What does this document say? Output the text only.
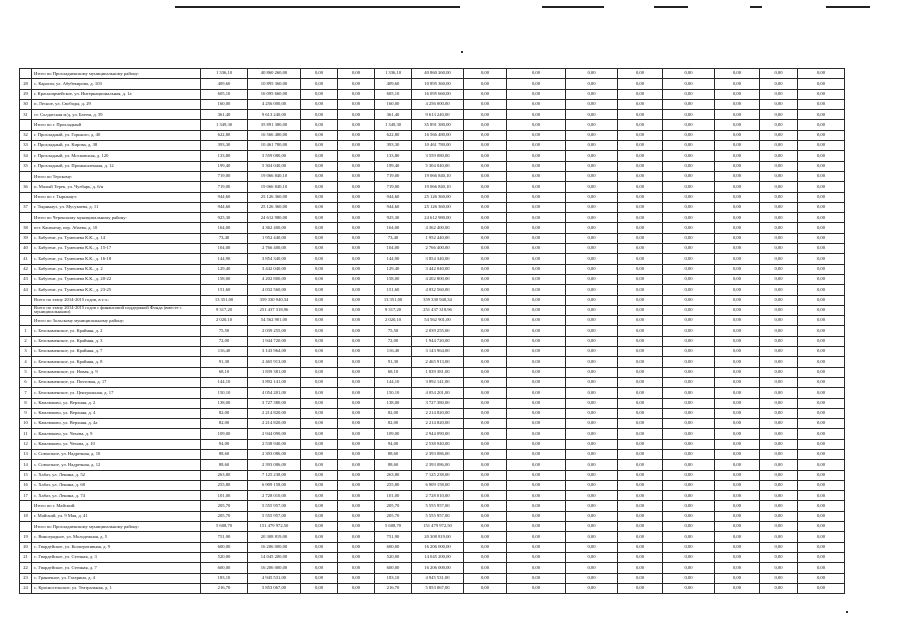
	Итого по Прохладненскому муниципальному району:	1 336,10	40 860 260,00	0,00	0,00	1 336,10	40 860 260,00	0,00	0,00	0,00	0,00	0,00	0,00	0,00	0,00
28	с. Карагач, ул. Абубекирова, д. 103	409,60	10 895 360,00	0,00	0,00	409,60	10 895 360,00	0,00	0,00	0,00	0,00	0,00	0,00	0,00	0,00
29	г. Красноармейское, ул. Интернациональная, д. 1а	605,10	16 095 660,00	0,00	0,00	605,10	16 095 660,00	0,00	0,00	0,00	0,00	0,00	0,00	0,00	0,00
30	п. Лесное, ул. Свободы, д. 29	160,00	4 256 000,00	0,00	0,00	160,00	4 256 000,00	0,00	0,00	0,00	0,00	0,00	0,00	0,00	0,00
31	ст. Солдатская м/д, ул. Батеш, д. 39	361,40	9 613 240,00	0,00	0,00	361,40	9 613 240,00	0,00	0,00	0,00	0,00	0,00	0,00	0,00	0,00
	Итого по г. Прохладный	1 349,30	35 891 380,00	0,00	0,00	1 349,30	35 891 380,00	0,00	0,00	0,00	0,00	0,00	0,00	0,00	0,00
32	г. Прохладный, ул. Горького, д. 40	622,80	16 566 480,00	0,00	0,00	622,80	16 566 480,00	0,00	0,00	0,00	0,00	0,00	0,00	0,00	0,00
33	г. Прохладный, ул. Кирова, д. 38	393,30	10 461 780,00	0,00	0,00	393,30	10 461 780,00	0,00	0,00	0,00	0,00	0,00	0,00	0,00	0,00
34	г. Прохладный, ул. Московская, д. 120	133,80	3 559 080,00	0,00	0,00	133,80	3 559 080,00	0,00	0,00	0,00	0,00	0,00	0,00	0,00	0,00
35	г. Прохладный, ул. Промышленная, д. 12	199,40	5 304 040,00	0,00	0,00	199,40	5 304 040,00	0,00	0,00	0,00	0,00	0,00	0,00	0,00	0,00
	Итого по Терскому:	719,00	19 066 840,10	0,00	0,00	719,00	19 066 840,10	0,00	0,00	0,00	0,00	0,00	0,00	0,00	0,00
36	п. Малый Терек, ул. Чулбарь, д. 6/н	719,00	19 066 840,10	0,00	0,00	719,00	19 066 840,10	0,00	0,00	0,00	0,00	0,00	0,00	0,00	0,00
	Итого по г. Тырныауз:	944,60	25 126 360,00	0,00	0,00	944,60	25 126 360,00	0,00	0,00	0,00	0,00	0,00	0,00	0,00	0,00
37	г. Тырныауз, ул. Мусукаева, д. 11	944,60	25 126 360,00	0,00	0,00	944,60	25 126 360,00	0,00	0,00	0,00	0,00	0,00	0,00	0,00	0,00
	Итого по Черекскому муниципальному району:	925,30	24 612 980,00	0,00	0,00	925,30	24 612 980,00	0,00	0,00	0,00	0,00	0,00	0,00	0,00	0,00
38	пгт. Кашхатау, пер. Абаева, д. 10	164,00	4 362 400,00	0,00	0,00	164,00	4 362 400,00	0,00	0,00	0,00	0,00	0,00	0,00	0,00	0,00
39	с. Бабугент, ул. Тумешева К.К., д. 14	73,40	1 952 440,00	0,00	0,00	73,40	1 952 440,00	0,00	0,00	0,00	0,00	0,00	0,00	0,00	0,00
40	с. Бабугент, ул. Тумешева К.К., д. 15-17	104,00	2 766 400,00	0,00	0,00	104,00	2 766 400,00	0,00	0,00	0,00	0,00	0,00	0,00	0,00	0,00
41	с. Бабугент, ул. Тумешева К.К., д. 16-18	144,90	3 854 340,00	0,00	0,00	144,90	3 854 340,00	0,00	0,00	0,00	0,00	0,00	0,00	0,00	0,00
42	с. Бабугент, ул. Тумешева К.К., д. 2	129,40	3 442 040,00	0,00	0,00	129,40	3 442 040,00	0,00	0,00	0,00	0,00	0,00	0,00	0,00	0,00
43	с. Бабугент, ул. Тумешева К.К., д. 20-22	158,00	4 202 800,00	0,00	0,00	158,00	4 202 800,00	0,00	0,00	0,00	0,00	0,00	0,00	0,00	0,00
44	с. Бабугент, ул. Тумешева К.К., д. 23-25	151,60	4 032 560,00	0,00	0,00	151,60	4 032 560,00	0,00	0,00	0,00	0,00	0,00	0,00	0,00	0,00
	Всего по этапу 2014-2015 годов, в т.ч.:	13 351,00	359 330 940,34	0,00	0,00	13 351,00	359 330 940,34	0,00	0,00	0,00	0,00	0,00	0,00	0,00	0,00
	Всего по этапу 2014-2015 годов с финансовой поддержкой Фонда (вместе с муниципальными)	9 317,20	251 437 318,96	0,00	0,00	9 317,20	251 437 318,96	0,00	0,00	0,00	0,00	0,00	0,00	0,00	0,00
	Итого по Зольскому муниципальному району:	2 020,10	54 562 901,00	0,00	0,00	2 020,10	54 562 901,00	0,00	0,00	0,00	0,00	0,00	0,00	0,00	0,00
1	с. Белокаменское, ул. Крайняя, д. 2	75,50	2 039 255,00	0,00	0,00	75,50	2 039 255,00	0,00	0,00	0,00	0,00	0,00	0,00	0,00	0,00
2	с. Белокаменское, ул. Крайняя, д. 3	72,00	1 944 720,00	0,00	0,00	72,00	1 944 720,00	0,00	0,00	0,00	0,00	0,00	0,00	0,00	0,00
3	с. Белокаменское, ул. Крайняя, д. 7	116,40	3 143 964,00	0,00	0,00	116,40	3 143 964,00	0,00	0,00	0,00	0,00	0,00	0,00	0,00	0,00
4	с. Белокаменское, ул. Крайняя, д. 8	91,30	2 465 913,00	0,00	0,00	91,30	2 465 913,00	0,00	0,00	0,00	0,00	0,00	0,00	0,00	0,00
5	с. Белокаменское, ул. Новая, д. 9	68,10	1 839 381,00	0,00	0,00	68,10	1 839 381,00	0,00	0,00	0,00	0,00	0,00	0,00	0,00	0,00
6	с. Белокаменское, ул. Почтовая, д. 17	144,10	3 892 141,00	0,00	0,00	144,10	3 892 141,00	0,00	0,00	0,00	0,00	0,00	0,00	0,00	0,00
7	с. Белокаменское, ул. Центральная, д. 17	150,10	4 054 201,00	0,00	0,00	150,10	4 054 201,00	0,00	0,00	0,00	0,00	0,00	0,00	0,00	0,00
8	с. Камлюково, ул. Верхняя, д. 2	138,00	3 727 380,00	0,00	0,00	138,00	3 727 380,00	0,00	0,00	0,00	0,00	0,00	0,00	0,00	0,00
9	с. Камлюково, ул. Верхняя, д. 4	82,00	2 214 820,00	0,00	0,00	82,00	2 214 820,00	0,00	0,00	0,00	0,00	0,00	0,00	0,00	0,00
10	с. Камлюково, ул. Верхняя, д. 4а	82,00	2 214 820,00	0,00	0,00	82,00	2 214 820,00	0,00	0,00	0,00	0,00	0,00	0,00	0,00	0,00
11	с. Камлюково, ул. Чехова, д. 9	109,00	2 944 090,00	0,00	0,00	109,00	2 944 090,00	0,00	0,00	0,00	0,00	0,00	0,00	0,00	0,00
12	с. Камлюково, ул. Чехова, д. 10	94,00	2 538 940,00	0,00	0,00	94,00	2 538 940,00	0,00	0,00	0,00	0,00	0,00	0,00	0,00	0,00
13	с. Совхозное, ул. Надречная, д. 10	88,60	2 393 086,00	0,00	0,00	88,60	2 393 086,00	0,00	0,00	0,00	0,00	0,00	0,00	0,00	0,00
14	с. Совхозное, ул. Надречная, д. 12	88,60	2 393 086,00	0,00	0,00	88,60	2 393 086,00	0,00	0,00	0,00	0,00	0,00	0,00	0,00	0,00
15	с. Хабаз, ул. Ленина, д. 52	263,80	7 125 238,00	0,00	0,00	263,80	7 125 238,00	0,00	0,00	0,00	0,00	0,00	0,00	0,00	0,00
16	с. Хабаз, ул. Ленина, д. 68	255,80	6 909 158,00	0,00	0,00	255,80	6 909 158,00	0,00	0,00	0,00	0,00	0,00	0,00	0,00	0,00
17	с. Хабаз, ул. Ленина, д. 74	101,00	2 728 010,00	0,00	0,00	101,00	2 728 010,00	0,00	0,00	0,00	0,00	0,00	0,00	0,00	0,00
	Итого по г. Майский:	205,70	5 555 957,00	0,00	0,00	205,70	5 555 957,00	0,00	0,00	0,00	0,00	0,00	0,00	0,00	0,00
18	г. Майский, ул. 9 Мая, д. 41	205,70	5 555 957,00	0,00	0,00	205,70	5 555 957,00	0,00	0,00	0,00	0,00	0,00	0,00	0,00	0,00
	Итого по Прохладненскому муниципальному району:	5 608,70	151 479 972,50	0,00	0,00	5 608,70	151 479 972,50	0,00	0,00	0,00	0,00	0,00	0,00	0,00	0,00
19	с. Виноградное, ул. Молодежная, д. 5	751,90	20 308 819,00	0,00	0,00	751,90	20 308 819,00	0,00	0,00	0,00	0,00	0,00	0,00	0,00	0,00
20	с. Гвардейское, ул. Кооперативная, д. 9	600,00	16 206 000,00	0,00	0,00	600,00	16 206 000,00	0,00	0,00	0,00	0,00	0,00	0,00	0,00	0,00
21	с. Гвардейское, ул. Степная, д. 3	520,00	14 045 200,00	0,00	0,00	520,00	14 045 200,00	0,00	0,00	0,00	0,00	0,00	0,00	0,00	0,00
22	с. Гвардейское, ул. Степная, д. 7	600,00	16 206 000,00	0,00	0,00	600,00	16 206 000,00	0,00	0,00	0,00	0,00	0,00	0,00	0,00	0,00
23	с. Граничное, ул. Гагарина, д. 4	183,10	4 945 531,00	0,00	0,00	183,10	4 945 531,00	0,00	0,00	0,00	0,00	0,00	0,00	0,00	0,00
24	с. Красносельское, ул. Театральная, д. 1	216,70	5 853 067,00	0,00	0,00	216,70	5 853 067,00	0,00	0,00	0,00	0,00	0,00	0,00	0,00	0,00
